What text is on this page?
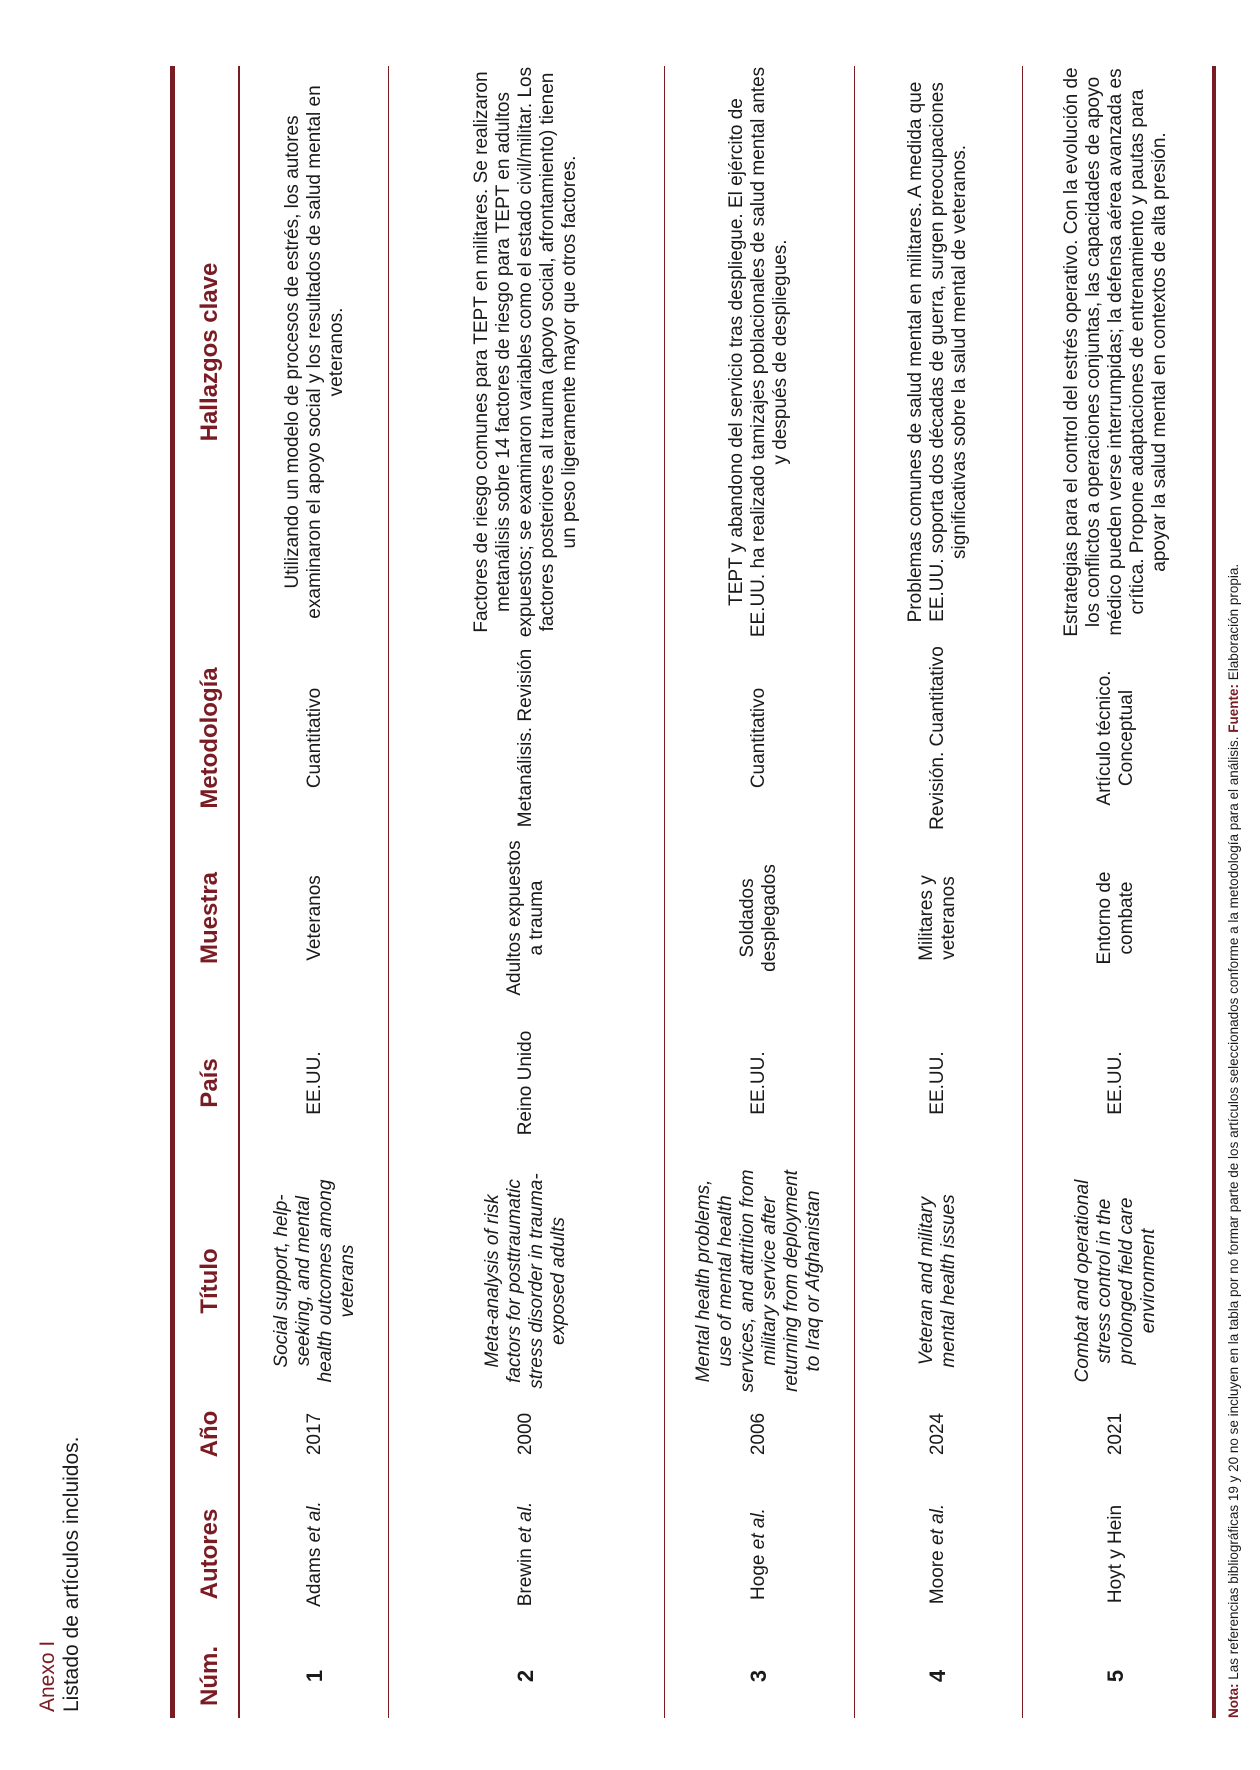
Anexo I Listado de artículos incluidos.	Núm.
Autores
Año
Título
País
Muestra
Metodología
Hallazgos clave
1
Adams et al.
2017
Social support, help-seeking, and mental health outcomes among veterans
EE.UU.
Veteranos
Cuantitativo
Utilizando un modelo de procesos de estrés, los autores examinaron el apoyo social y los resultados de salud mental en veteranos.
2
Brewin et al.
2000
Meta-analysis of risk factors for posttraumatic stress disorder in trauma-exposed adults
Reino Unido
Adultos expuestos a trauma
Metanálisis. Revisión
Factores de riesgo comunes para TEPT en militares. Se realizaron metanálisis sobre 14 factores de riesgo para TEPT en adultos expuestos; se examinaron variables como el estado civil/militar. Los factores posteriores al trauma (apoyo social, afrontamiento) tienen un peso ligeramente mayor que otros factores.
3
Hoge et al.
2006
Mental health problems, use of mental health services, and attrition from military service after returning from deployment to Iraq or Afghanistan
EE.UU.
Soldados desplegados
Cuantitativo
TEPT y abandono del servicio tras despliegue. El ejército de EE.UU. ha realizado tamizajes poblacionales de salud mental antes y después de despliegues.
4
Moore et al.
2024
Veteran and military mental health issues
EE.UU.
Militares y veteranos
Revisión. Cuantitativo
Problemas comunes de salud mental en militares. A medida que EE.UU. soporta dos décadas de guerra, surgen preocupaciones significativas sobre la salud mental de veteranos.
5
Hoyt y Hein
2021
Combat and operational stress control in the prolonged field care environment
EE.UU.
Entorno de combate
Artículo técnico. Conceptual
Estrategias para el control del estrés operativo. Con la evolución de los conflictos a operaciones conjuntas, las capacidades de apoyo médico pueden verse interrumpidas; la defensa aérea avanzada es crítica. Propone adaptaciones de entrenamiento y pautas para apoyar la salud mental en contextos de alta presión.
Nota: Las referencias bibliográficas 19 y 20 no se incluyen en la tabla por no formar parte de los artículos seleccionados conforme a la metodología para el análisis. Fuente: Elaboración propia.
